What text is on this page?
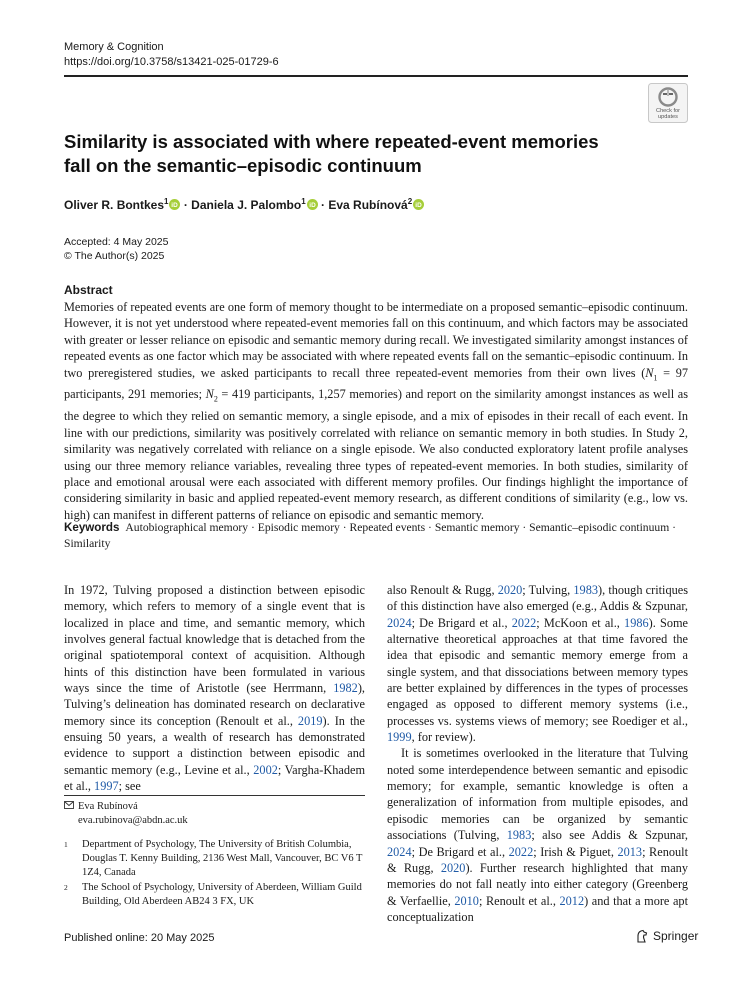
Memory & Cognition
https://doi.org/10.3758/s13421-025-01729-6
Check for
updates
Similarity is associated with where repeated-event memories fall on the semantic–episodic continuum
Oliver R. Bontkes$^1$ iD · Daniela J. Palombo$^1$ iD · Eva Rubínová$^2$ iD
Accepted: 4 May 2025
© The Author(s) 2025
Abstract

Memories of repeated events are one form of memory thought to be intermediate on a proposed semantic–episodic continuum. However, it is not yet understood where repeated-event memories fall on this continuum, and which factors may be associated with greater or lesser reliance on episodic and semantic memory during recall. We investigated similarity amongst instances of repeated events as one factor which may be associated with where repeated events fall on the semantic–episodic continuum. In two preregistered studies, we asked participants to recall three repeated-event memories from their own lives ($N_1 = 97$ participants, 291 memories; $N_2 = 419$ participants, 1,257 memories) and report on the similarity amongst instances as well as the degree to which they relied on semantic memory, a single episode, and a mix of episodes in their recall of each event. In line with our predictions, similarity was positively correlated with reliance on semantic memory in both studies. In Study 2, similarity was negatively correlated with reliance on a single episode. We also conducted exploratory latent profile analyses using our three memory reliance variables, revealing three types of repeated-event memories. In both studies, similarity of place and emotional arousal were each associated with different memory profiles. Our findings highlight the importance of considering similarity in basic and applied repeated-event memory research, as different conditions of similarity (e.g., low vs. high) can manifest in different patterns of reliance on episodic and semantic memory.

Keywords Autobiographical memory · Episodic memory · Repeated events · Semantic memory · Semantic–episodic continuum · Similarity

In 1972, Tulving proposed a distinction between episodic memory, which refers to memory of a single event that is localized in place and time, and semantic memory, which involves general factual knowledge that is detached from the original spatiotemporal context of acquisition. Although hints of this distinction have been formulated in various ways since the time of Aristotle (see Herrmann, 1982), Tulving’s delineation has dominated research on declarative memory since its conception (Renoult et al., 2019). In the ensuing 50 years, a wealth of research has demonstrated evidence to support a distinction between episodic and semantic memory (e.g., Levine et al., 2002; Vargha-Khadem et al., 1997; see

also Renoult & Rugg, 2020; Tulving, 1983), though critiques of this distinction have also emerged (e.g., Addis & Szpunar, 2024; De Brigard et al., 2022; McKoon et al., 1986). Some alternative theoretical approaches at that time favored the idea that episodic and semantic memory emerge from a single system, and that dissociations between memory types are better explained by differences in the types of processes engaged as opposed to different memory systems (i.e., processes vs. systems views of memory; see Roediger et al., 1999, for review).
It is sometimes overlooked in the literature that Tulving noted some interdependence between semantic and episodic memory; for example, semantic knowledge is often a generalization of information from multiple episodes, and episodic memories can be organized by semantic associations (Tulving, 1983; also see Addis & Szpunar, 2024; De Brigard et al., 2022; Irish & Piguet, 2013; Renoult & Rugg, 2020). Further research highlighted that many memories do not fall neatly into either category (Greenberg & Verfaellie, 2010; Renoult et al., 2012) and that a more apt conceptualization

Eva Rubínová
eva.rubinova@abdn.ac.uk
1 Department of Psychology, The University of British Columbia, Douglas T. Kenny Building, 2136 West Mall, Vancouver, BC V6 T 1Z4, Canada
2 The School of Psychology, University of Aberdeen, William Guild Building, Old Aberdeen AB24 3 FX, UK
Published online: 20 May 2025	Springer
